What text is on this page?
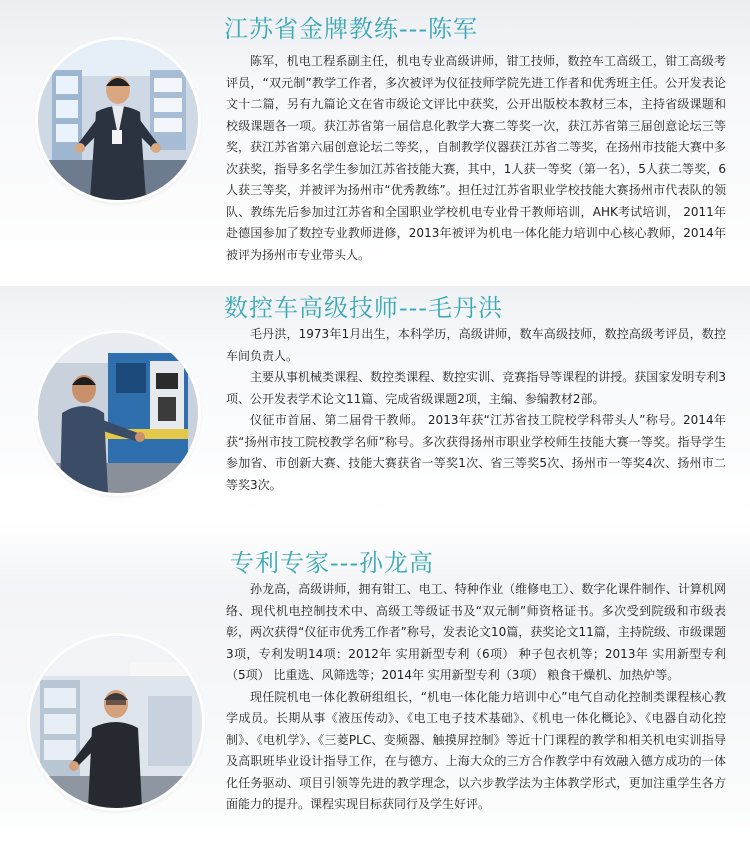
江苏省金牌教练---陈军

陈军，机电工程系副主任，机电专业高级讲师，钳工技师，数控车工高级工，钳工高级考评员，“双元制”教学工作者，多次被评为仪征技师学院先进工作者和优秀班主任。公开发表论文十二篇，另有九篇论文在省市级论文评比中获奖，公开出版校本教材三本，主持省级课题和校级课题各一项。获江苏省第一届信息化教学大赛二等奖一次，获江苏省第三届创意论坛三等奖，获江苏省第六届创意论坛二等奖，，自制教学仪器获江苏省二等奖，在扬州市技能大赛中多次获奖，指导多名学生参加江苏省技能大赛，其中，1人获一等奖（第一名），5人获二等奖，6人获三等奖，并被评为扬州市“优秀教练”。担任过江苏省职业学校技能大赛扬州市代表队的领队、教练先后参加过江苏省和全国职业学校机电专业骨干教师培训，AHK考试培训， 2011年赴德国参加了数控专业教师进修，2013年被评为机电一体化能力培训中心核心教师，2014年被评为扬州市专业带头人。

数控车高级技师---毛丹洪

毛丹洪，1973年1月出生，本科学历，高级讲师，数车高级技师，数控高级考评员，数控车间负责人。

主要从事机械类课程、数控类课程、数控实训、竞赛指导等课程的讲授。获国家发明专利3项、公开发表学术论文11篇、完成省级课题2项，主编、参编教材2部。

仪征市首届、第二届骨干教师。 2013年获“江苏省技工院校学科带头人”称号。2014年获“扬州市技工院校教学名师”称号。多次获得扬州市职业学校师生技能大赛一等奖。指导学生参加省、市创新大赛、技能大赛获省一等奖1次、省三等奖5次、扬州市一等奖4次、扬州市二等奖3次。

专利专家---孙龙高

孙龙高，高级讲师，拥有钳工、电工、特种作业（维修电工）、数字化课件制作、计算机网络、现代机电控制技术中、高级工等级证书及“双元制”师资格证书。多次受到院级和市级表彰，两次获得“仪征市优秀工作者”称号，发表论文10篇，获奖论文11篇，主持院级、市级课题3项，专利发明14项：2012年 实用新型专利（6项） 种子包衣机等；2013年 实用新型专利（5项） 比重选、风筛选等；2014年 实用新型专利（3项） 粮食干燥机、加热炉等。

现任院机电一体化教研组组长，“机电一体化能力培训中心”电气自动化控制类课程核心教学成员。长期从事《液压传动》、《电工电子技术基础》、《机电一体化概论》、《电器自动化控制》、《电机学》、《三菱PLC、变频器、触摸屏控制》等近十门课程的教学和相关机电实训指导及高职班毕业设计指导工作，在与德方、上海大众的三方合作教学中有效融入德方成功的一体化任务驱动、项目引领等先进的教学理念，以六步教学法为主体教学形式，更加注重学生各方面能力的提升。课程实现目标获同行及学生好评。
